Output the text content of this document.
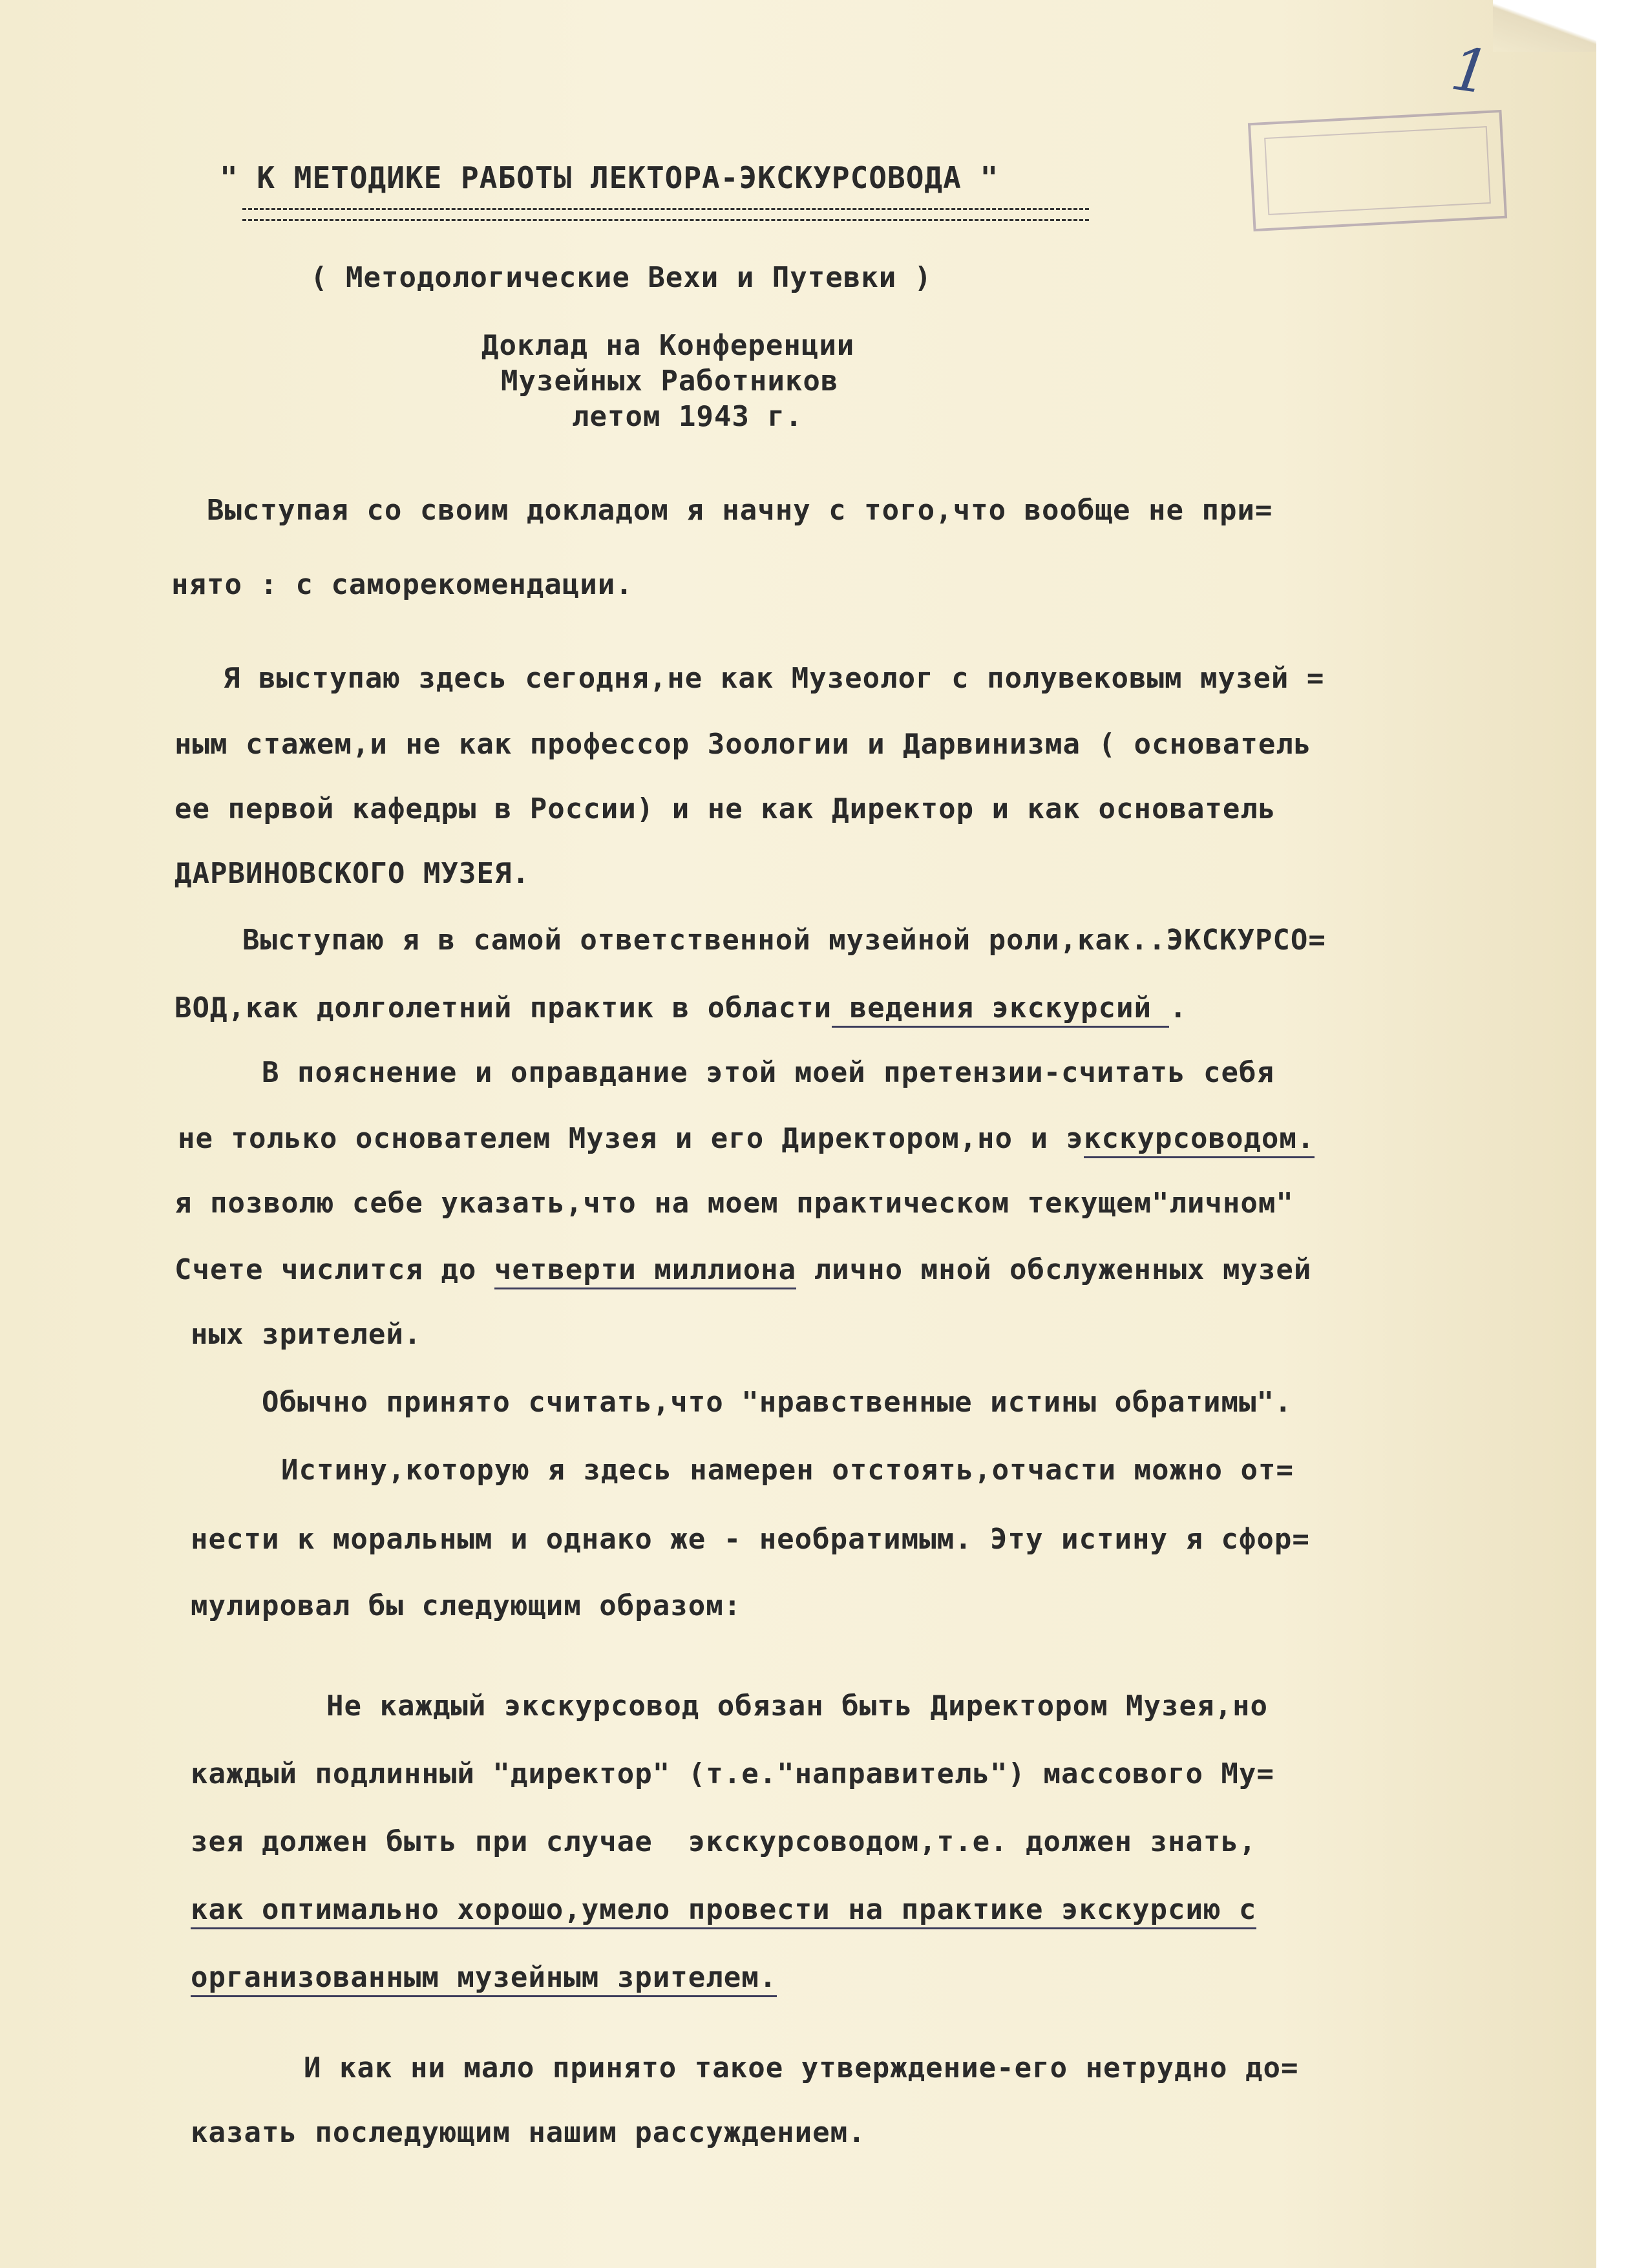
1
" К МЕТОДИКЕ РАБОТЫ ЛЕКТОРА-ЭКСКУРСОВОДА "
( Методологические Вехи и Путевки )
Доклад на Конференции
Музейных Работников
летом 1943 г.
Выступая со своим докладом я начну с того,что вообще не при=
нято : с саморекомендации.
Я выступаю здесь сегодня,не как Музеолог с полувековым музей =
ным стажем,и не как профессор Зоологии и Дарвинизма ( основатель
ее первой кафедры в России) и не как Директор и как основатель
ДАРВИНОВСКОГО МУЗЕЯ.
Выступаю я в самой ответственной музейной роли,как..ЭКСКУРСО=
ВОД,как долголетний практик в области ведения экскурсий .
В пояснение и оправдание этой моей претензии-считать себя
не только основателем Музея и его Директором,но и экскурсоводом.
я позволю себе указать,что на моем практическом текущем"личном"
Счете числится до четверти миллиона лично мной обслуженных музей
ных зрителей.
Обычно принято считать,что "нравственные истины обратимы".
Истину,которую я здесь намерен отстоять,отчасти можно от=
нести к моральным и однако же - необратимым. Эту истину я сфор=
мулировал бы следующим образом:
Не каждый экскурсовод обязан быть Директором Музея,но
каждый подлинный "директор" (т.е."направитель") массового Му=
зея должен быть при случае  экскурсоводом,т.е. должен знать,
как оптимально хорошо,умело провести на практике экскурсию с
организованным музейным зрителем.
И как ни мало принято такое утверждение-его нетрудно до=
казать последующим нашим рассуждением.
